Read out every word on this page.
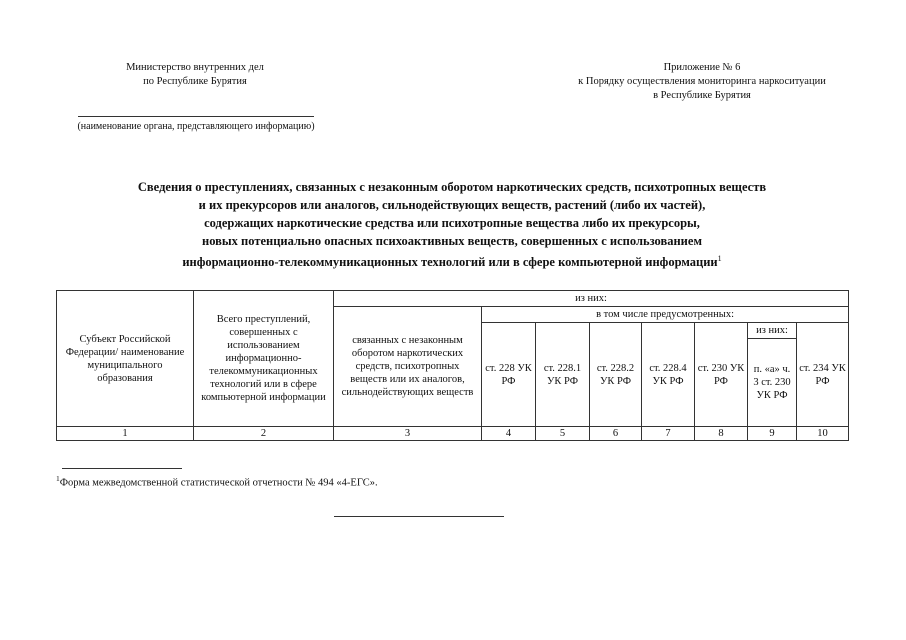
Министерство внутренних дел
по Республике Бурятия
Приложение № 6
к Порядку осуществления мониторинга наркоситуации
в Республике Бурятия
(наименование органа, представляющего информацию)
Сведения о преступлениях, связанных с незаконным оборотом наркотических средств, психотропных веществ
и их прекурсоров или аналогов, сильнодействующих веществ, растений (либо их частей),
содержащих наркотические средства или психотропные вещества либо их прекурсоры,
новых потенциально опасных психоактивных веществ, совершенных с использованием
информационно-телекоммуникационных технологий или в сфере компьютерной информации$^1$
Субъект Российской Федерации/ наименование муниципального образования	Всего преступлений, совершенных с использованием информационно-телекоммуникационных технологий или в сфере компьютерной информации	из них:							
		связанных с незаконным оборотом наркотических средств, психотропных веществ или их аналогов, сильнодействующих веществ	в том числе предусмотренных:						
			ст. 228 УК РФ	ст. 228.1 УК РФ	ст. 228.2 УК РФ	ст. 228.4 УК РФ	ст. 230 УК РФ	из них:	ст. 234 УК РФ
								п. «а» ч. 3 ст. 230 УК РФ	
1	2	3	4	5	6	7	8	9	10
$^1$Форма межведомственной статистической отчетности № 494 «4-ЕГС».
